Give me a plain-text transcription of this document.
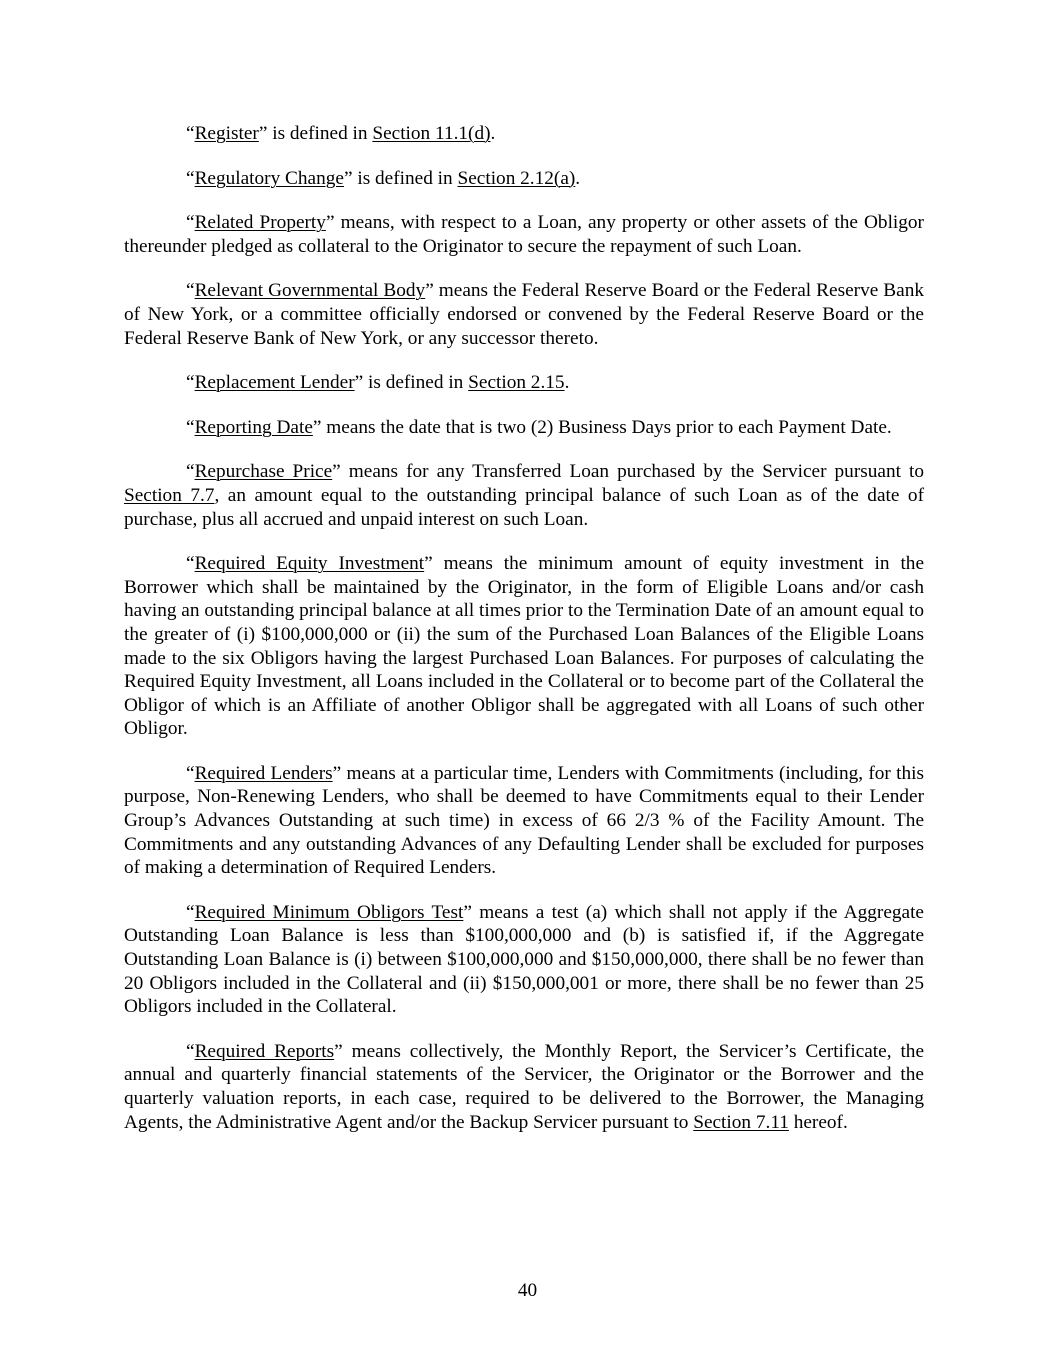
“Register” is defined in Section 11.1(d).

“Regulatory Change” is defined in Section 2.12(a).

“Related Property” means, with respect to a Loan, any property or other assets of the Obligor thereunder pledged as collateral to the Originator to secure the repayment of such Loan.

“Relevant Governmental Body” means the Federal Reserve Board or the Federal Reserve Bank of New York, or a committee officially endorsed or convened by the Federal Reserve Board or the Federal Reserve Bank of New York, or any successor thereto.

“Replacement Lender” is defined in Section 2.15.

“Reporting Date” means the date that is two (2) Business Days prior to each Payment Date.

“Repurchase Price” means for any Transferred Loan purchased by the Servicer pursuant to Section 7.7, an amount equal to the outstanding principal balance of such Loan as of the date of purchase, plus all accrued and unpaid interest on such Loan.

“Required Equity Investment” means the minimum amount of equity investment in the Borrower which shall be maintained by the Originator, in the form of Eligible Loans and/or cash having an outstanding principal balance at all times prior to the Termination Date of an amount equal to the greater of (i) $100,000,000 or (ii) the sum of the Purchased Loan Balances of the Eligible Loans made to the six Obligors having the largest Purchased Loan Balances. For purposes of calculating the Required Equity Investment, all Loans included in the Collateral or to become part of the Collateral the Obligor of which is an Affiliate of another Obligor shall be aggregated with all Loans of such other Obligor.

“Required Lenders” means at a particular time, Lenders with Commitments (including, for this purpose, Non-Renewing Lenders, who shall be deemed to have Commitments equal to their Lender Group’s Advances Outstanding at such time) in excess of 66 2/3 % of the Facility Amount. The Commitments and any outstanding Advances of any Defaulting Lender shall be excluded for purposes of making a determination of Required Lenders.

“Required Minimum Obligors Test” means a test (a) which shall not apply if the Aggregate Outstanding Loan Balance is less than $100,000,000 and (b) is satisfied if, if the Aggregate Outstanding Loan Balance is (i) between $100,000,000 and $150,000,000, there shall be no fewer than 20 Obligors included in the Collateral and (ii) $150,000,001 or more, there shall be no fewer than 25 Obligors included in the Collateral.

“Required Reports” means collectively, the Monthly Report, the Servicer’s Certificate, the annual and quarterly financial statements of the Servicer, the Originator or the Borrower and the quarterly valuation reports, in each case, required to be delivered to the Borrower, the Managing Agents, the Administrative Agent and/or the Backup Servicer pursuant to Section 7.11 hereof.

40
